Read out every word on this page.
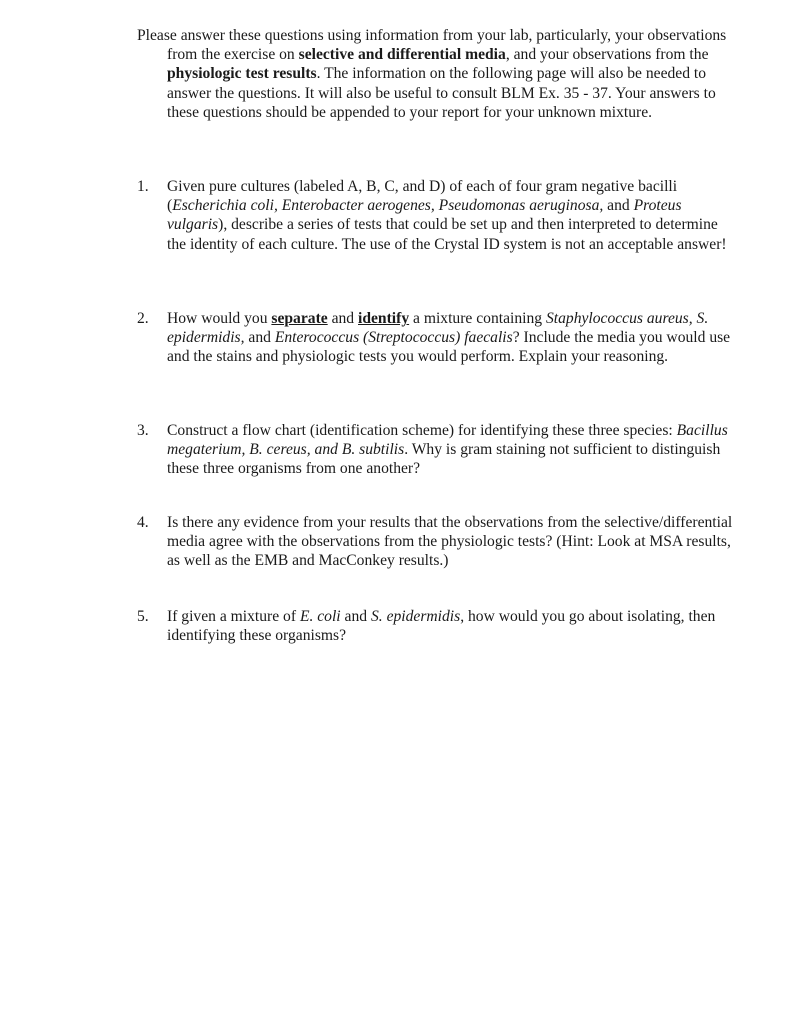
Please answer these questions using information from your lab, particularly, your observations from the exercise on selective and differential media, and your observations from the physiologic test results. The information on the following page will also be needed to answer the questions. It will also be useful to consult BLM Ex. 35 - 37. Your answers to these questions should be appended to your report for your unknown mixture.

1.	Given pure cultures (labeled A, B, C, and D) of each of four gram negative bacilli (Escherichia coli, Enterobacter aerogenes, Pseudomonas aeruginosa, and Proteus vulgaris), describe a series of tests that could be set up and then interpreted to determine the identity of each culture. The use of the Crystal ID system is not an acceptable answer!
2.	How would you separate and identify a mixture containing Staphylococcus aureus, S. epidermidis, and Enterococcus (Streptococcus) faecalis? Include the media you would use and the stains and physiologic tests you would perform. Explain your reasoning.
3.	Construct a flow chart (identification scheme) for identifying these three species: Bacillus megaterium, B. cereus, and B. subtilis. Why is gram staining not sufficient to distinguish these three organisms from one another?
4.	Is there any evidence from your results that the observations from the selective/differential media agree with the observations from the physiologic tests? (Hint: Look at MSA results, as well as the EMB and MacConkey results.)
5.	If given a mixture of E. coli and S. epidermidis, how would you go about isolating, then identifying these organisms?
